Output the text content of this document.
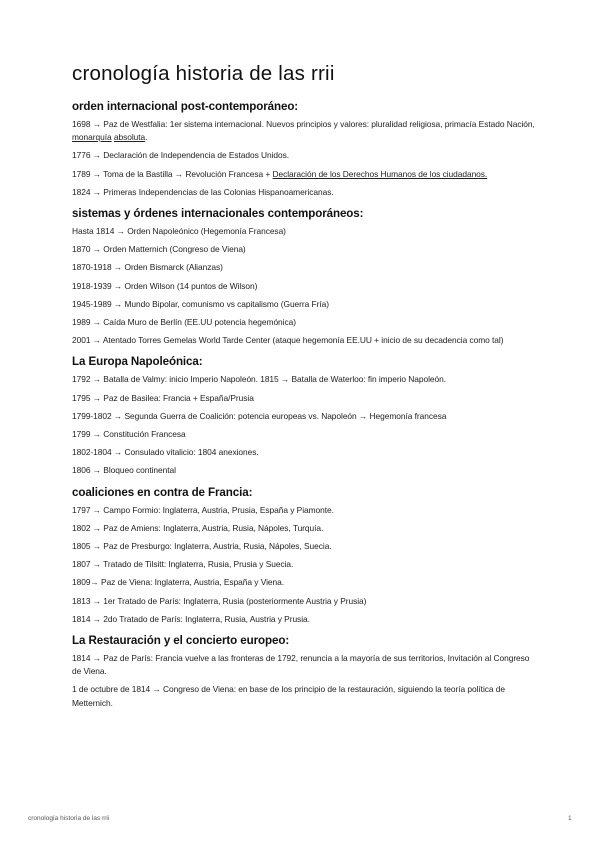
cronología historia de las rrii
orden internacional post-contemporáneo:

1698 → Paz de Westfalia: 1er sistema internacional. Nuevos principios y valores: pluralidad religiosa, primacía Estado Nación, monarquía absoluta.

1776 → Declaración de Independencia de Estados Unidos.

1789 → Toma de la Bastilla → Revolución Francesa + Declaración de los Derechos Humanos de los ciudadanos.

1824 → Primeras Independencias de las Colonias Hispanoamericanas.

sistemas y órdenes internacionales contemporáneos:

Hasta 1814 → Orden Napoleónico (Hegemonía Francesa)

1870 → Orden Matternich (Congreso de Viena)

1870-1918 → Orden Bismarck (Alianzas)

1918-1939 → Orden Wilson (14 puntos de Wilson)

1945-1989 → Mundo Bipolar, comunismo vs capitalismo (Guerra Fría)

1989 → Caída Muro de Berlín (EE.UU potencia hegemónica)

2001 → Atentado Torres Gemelas World Tarde Center (ataque hegemonía EE.UU + inicio de su decadencia como tal)

La Europa Napoleónica:

1792 → Batalla de Valmy: inicio Imperio Napoleón. 1815 → Batalla de Waterloo: fin imperio Napoleón.

1795 → Paz de Basilea: Francia + España/Prusia

1799-1802 → Segunda Guerra de Coalición: potencia europeas vs. Napoleón → Hegemonía francesa

1799 → Constitución Francesa

1802-1804 → Consulado vitalicio: 1804 anexiones.

1806 → Bloqueo continental

coaliciones en contra de Francia:

1797 → Campo Formio: Inglaterra, Austria, Prusia, España y Piamonte.

1802 → Paz de Amiens: Inglaterra, Austria, Rusia, Nápoles, Turquía.

1805 → Paz de Presburgo: Inglaterra, Austria, Rusia, Nápoles, Suecia.

1807 → Tratado de Tilsitt: Inglaterra, Rusia, Prusia y Suecia.

1809→ Paz de Viena: Inglaterra, Austria, España y Viena.

1813 → 1er Tratado de París: Inglaterra, Rusia (posteriormente Austria y Prusia)

1814 → 2do Tratado de París: Inglaterra, Rusia, Austria y Prusia.

La Restauración y el concierto europeo:

1814 → Paz de París: Francia vuelve a las fronteras de 1792, renuncia a la mayoría de sus territorios, Invitación al Congreso de Viena.

1 de octubre de 1814 → Congreso de Viena: en base de los principio de la restauración, siguiendo la teoría política de Metternich.

cronología historia de las rrii	1
